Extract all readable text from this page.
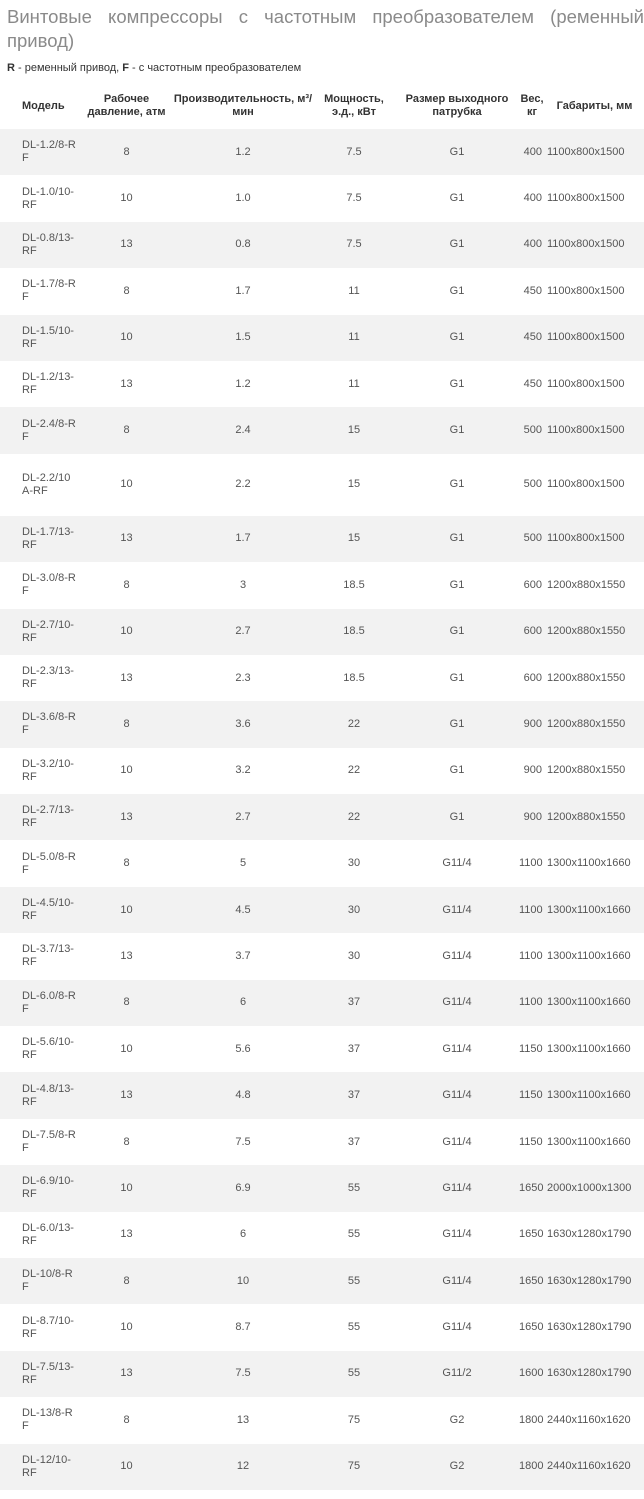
Винтовые компрессоры с частотным преобразователем (ременный привод)
R - ременный привод, F - с частотным преобразователем
Модель	Рабочее давление, атм	Производительность, м³/мин	Мощность, э.д., кВт	Размер выходного патрубка	Вес, кг	Габариты, мм
DL-1.2/8-RF	8	1.2	7.5	G1	400	1100x800x1500
DL-1.0/10-RF	10	1.0	7.5	G1	400	1100x800x1500
DL-0.8/13-RF	13	0.8	7.5	G1	400	1100x800x1500
DL-1.7/8-RF	8	1.7	11	G1	450	1100x800x1500
DL-1.5/10-RF	10	1.5	11	G1	450	1100x800x1500
DL-1.2/13-RF	13	1.2	11	G1	450	1100x800x1500
DL-2.4/8-RF	8	2.4	15	G1	500	1100x800x1500
DL-2.2/10A-RF	10	2.2	15	G1	500	1100x800x1500
DL-1.7/13-RF	13	1.7	15	G1	500	1100x800x1500
DL-3.0/8-RF	8	3	18.5	G1	600	1200x880x1550
DL-2.7/10-RF	10	2.7	18.5	G1	600	1200x880x1550
DL-2.3/13-RF	13	2.3	18.5	G1	600	1200x880x1550
DL-3.6/8-RF	8	3.6	22	G1	900	1200x880x1550
DL-3.2/10-RF	10	3.2	22	G1	900	1200x880x1550
DL-2.7/13-RF	13	2.7	22	G1	900	1200x880x1550
DL-5.0/8-RF	8	5	30	G11/4	1100	1300x1100x1660
DL-4.5/10-RF	10	4.5	30	G11/4	1100	1300x1100x1660
DL-3.7/13-RF	13	3.7	30	G11/4	1100	1300x1100x1660
DL-6.0/8-RF	8	6	37	G11/4	1100	1300x1100x1660
DL-5.6/10-RF	10	5.6	37	G11/4	1150	1300x1100x1660
DL-4.8/13-RF	13	4.8	37	G11/4	1150	1300x1100x1660
DL-7.5/8-RF	8	7.5	37	G11/4	1150	1300x1100x1660
DL-6.9/10-RF	10	6.9	55	G11/4	1650	2000x1000x1300
DL-6.0/13-RF	13	6	55	G11/4	1650	1630x1280x1790
DL-10/8-RF	8	10	55	G11/4	1650	1630x1280x1790
DL-8.7/10-RF	10	8.7	55	G11/4	1650	1630x1280x1790
DL-7.5/13-RF	13	7.5	55	G11/2	1600	1630x1280x1790
DL-13/8-RF	8	13	75	G2	1800	2440x1160x1620
DL-12/10-RF	10	12	75	G2	1800	2440x1160x1620
